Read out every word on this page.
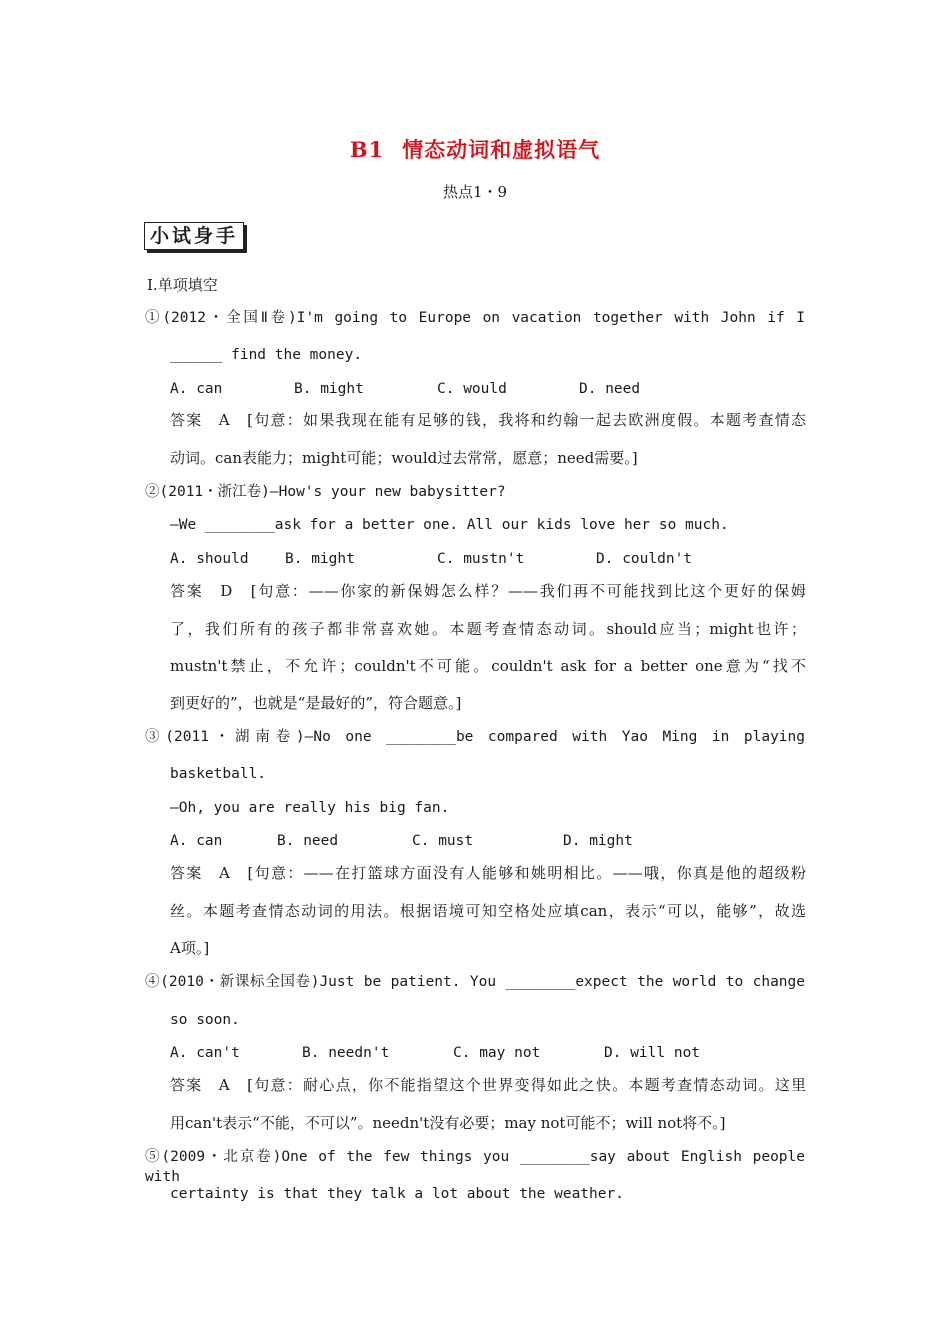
B1 情态动词和虚拟语气
热点1・9
小试身手
Ⅰ.单项填空
①(2012・全国Ⅱ卷)I'm going to Europe on vacation together with John if I
______ find the money.
A. can	B. might	C. would	D. need
答案　A　[句意：如果我现在能有足够的钱，我将和约翰一起去欧洲度假。本题考查情态
动词。can表能力；might可能；would过去常常，愿意；need需要。]
②(2011・浙江卷)—How's your new babysitter?
—We ________ask for a better one. All our kids love her so much.
A. should	B. might	C. mustn't	D. couldn't
答案　D　[句意：——你家的新保姆怎么样？——我们再不可能找到比这个更好的保姆
了，我们所有的孩子都非常喜欢她。本题考查情态动词。should应当；might也许；
mustn't禁止，不允许；couldn't不可能。couldn't ask for a better one意为“找不
到更好的”，也就是“是最好的”，符合题意。]
③(2011・湖南卷)—No one ________be compared with Yao Ming in playing
basketball.
—Oh, you are really his big fan.
A. can	B. need	C. must	D. might
答案　A　[句意：——在打篮球方面没有人能够和姚明相比。——哦，你真是他的超级粉
丝。本题考查情态动词的用法。根据语境可知空格处应填can，表示“可以，能够”，故选
A项。]
④(2010・新课标全国卷)Just be patient. You ________expect the world to change
so soon.
A. can't	B. needn't	C. may not	D. will not
答案　A　[句意：耐心点，你不能指望这个世界变得如此之快。本题考查情态动词。这里
用can't表示“不能，不可以”。needn't没有必要；may not可能不；will not将不。]
⑤(2009・北京卷)One of the few things you ________say about English people with
certainty is that they talk a lot about the weather.
